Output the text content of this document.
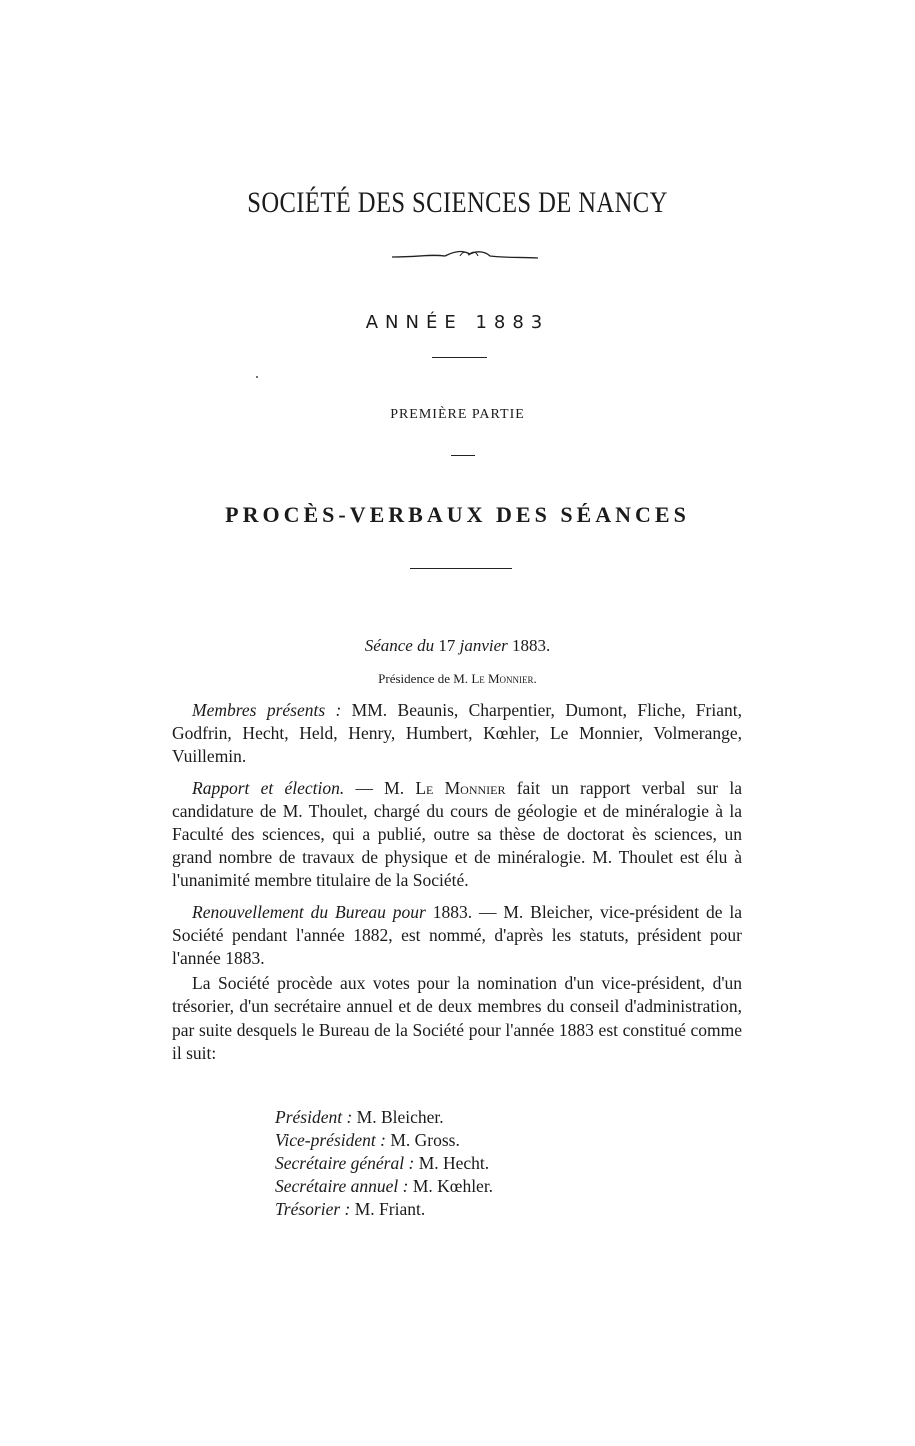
SOCIÉTÉ DES SCIENCES DE NANCY
ANNÉE 1883
PREMIÈRE PARTIE
PROCÈS-VERBAUX DES SÉANCES
Séance du 17 janvier 1883.
Présidence de M. Le Monnier.

Membres présents : MM. Beaunis, Charpentier, Dumont, Fliche, Friant, Godfrin, Hecht, Held, Henry, Humbert, Kœhler, Le Monnier, Volmerange, Vuillemin.

Rapport et élection. — M. Le Monnier fait un rapport verbal sur la candidature de M. Thoulet, chargé du cours de géologie et de minéralogie à la Faculté des sciences, qui a publié, outre sa thèse de doctorat ès sciences, un grand nombre de travaux de physique et de minéralogie. M. Thoulet est élu à l'unanimité membre titulaire de la Société.

Renouvellement du Bureau pour 1883. — M. Bleicher, vice-président de la Société pendant l'année 1882, est nommé, d'après les statuts, président pour l'année 1883.

La Société procède aux votes pour la nomination d'un vice-président, d'un trésorier, d'un secrétaire annuel et de deux membres du conseil d'administration, par suite desquels le Bureau de la Société pour l'année 1883 est constitué comme il suit:

Président : M. Bleicher.
Vice-président : M. Gross.
Secrétaire général : M. Hecht.
Secrétaire annuel : M. Kœhler.
Trésorier : M. Friant.
